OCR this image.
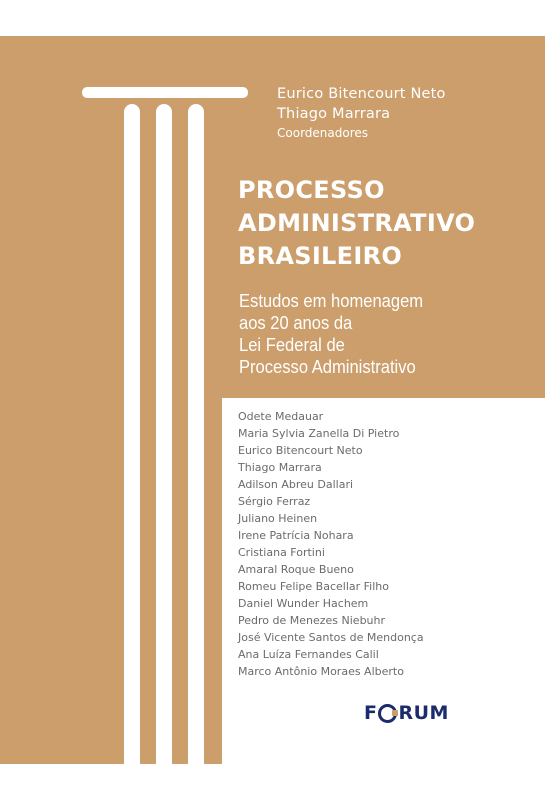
Eurico Bitencourt Neto
Thiago Marrara
Coordenadores
PROCESSO
ADMINISTRATIVO
BRASILEIRO
Estudos em homenagem
aos 20 anos da
Lei Federal de
Processo Administrativo
Odete Medauar
Maria Sylvia Zanella Di Pietro
Eurico Bitencourt Neto
Thiago Marrara
Adilson Abreu Dallari
Sérgio Ferraz
Juliano Heinen
Irene Patrícia Nohara
Cristiana Fortini
Amaral Roque Bueno
Romeu Felipe Bacellar Filho
Daniel Wunder Hachem
Pedro de Menezes Niebuhr
José Vicente Santos de Mendonça
Ana Luíza Fernandes Calil
Marco Antônio Moraes Alberto
F RUM
